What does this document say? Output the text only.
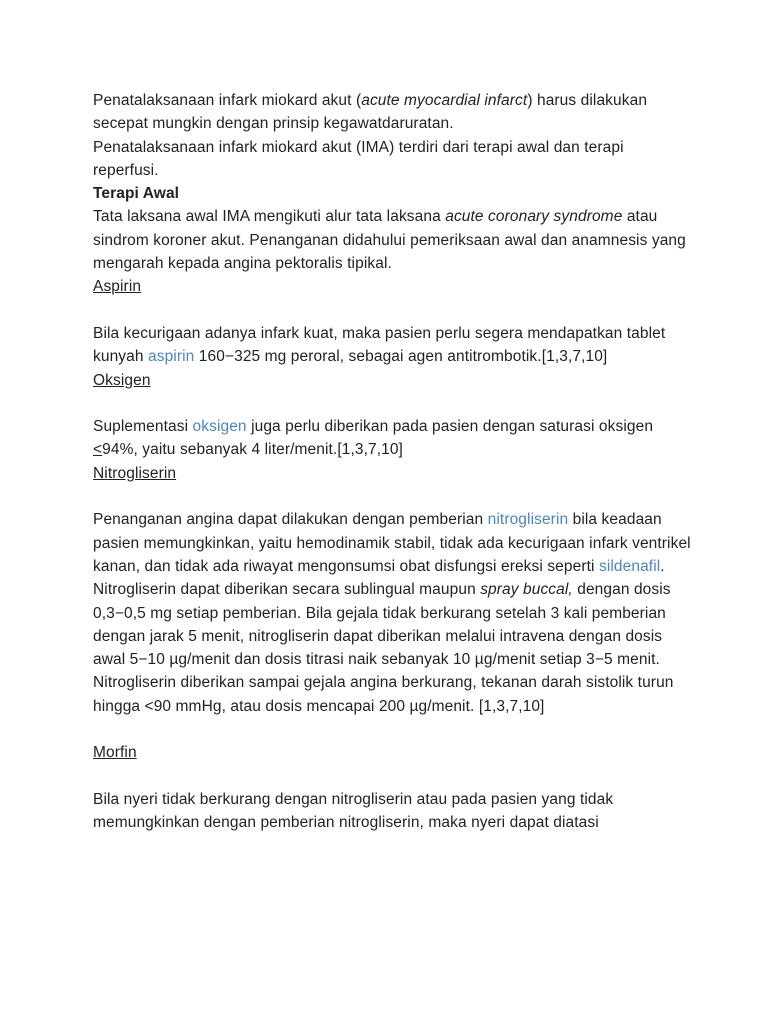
Penatalaksanaan infark miokard akut (acute myocardial infarct) harus dilakukan secepat mungkin dengan prinsip kegawatdaruratan.

Penatalaksanaan infark miokard akut (IMA) terdiri dari terapi awal dan terapi reperfusi.

Terapi Awal

Tata laksana awal IMA mengikuti alur tata laksana acute coronary syndrome atau sindrom koroner akut. Penanganan didahului pemeriksaan awal dan anamnesis yang mengarah kepada angina pektoralis tipikal.

Aspirin

Bila kecurigaan adanya infark kuat, maka pasien perlu segera mendapatkan tablet kunyah aspirin 160−325 mg peroral, sebagai agen antitrombotik.[1,3,7,10]

Oksigen

Suplementasi oksigen juga perlu diberikan pada pasien dengan saturasi oksigen <94%, yaitu sebanyak 4 liter/menit.[1,3,7,10]

Nitrogliserin

Penanganan angina dapat dilakukan dengan pemberian nitrogliserin bila keadaan pasien memungkinkan, yaitu hemodinamik stabil, tidak ada kecurigaan infark ventrikel kanan, dan tidak ada riwayat mengonsumsi obat disfungsi ereksi seperti sildenafil.

Nitrogliserin dapat diberikan secara sublingual maupun spray buccal, dengan dosis 0,3−0,5 mg setiap pemberian. Bila gejala tidak berkurang setelah 3 kali pemberian dengan jarak 5 menit, nitrogliserin dapat diberikan melalui intravena dengan dosis awal 5−10 µg/menit dan dosis titrasi naik sebanyak 10 µg/menit setiap 3−5 menit.

Nitrogliserin diberikan sampai gejala angina berkurang, tekanan darah sistolik turun hingga <90 mmHg, atau dosis mencapai 200 µg/menit. [1,3,7,10]

Morfin

Bila nyeri tidak berkurang dengan nitrogliserin atau pada pasien yang tidak memungkinkan dengan pemberian nitrogliserin, maka nyeri dapat diatasi
